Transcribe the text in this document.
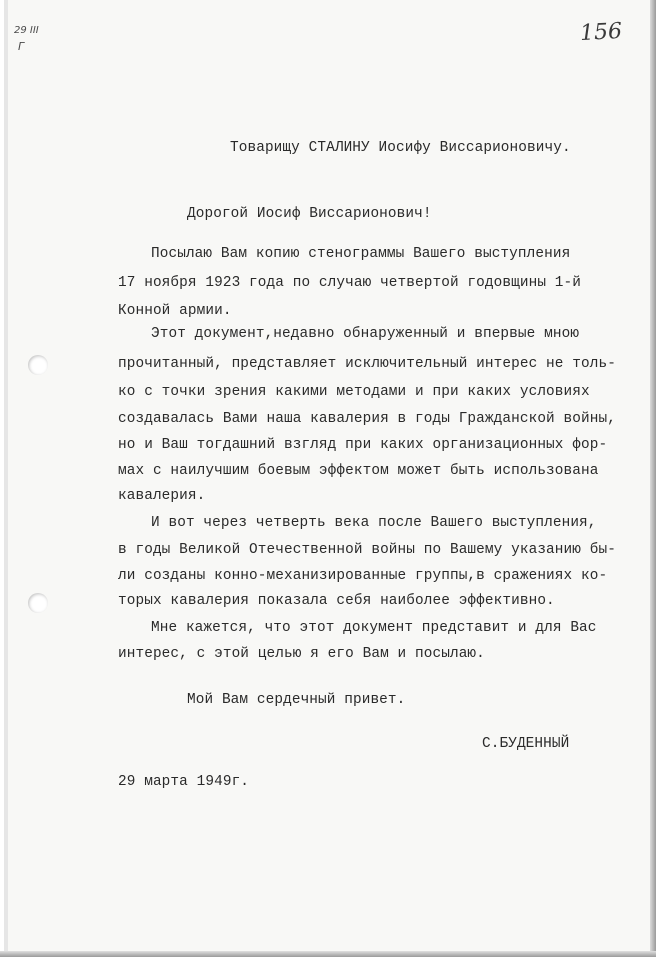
29 III
Г
156
Товарищу СТАЛИНУ Иосифу Виссарионовичу.
Дорогой Иосиф Виссарионович!
Посылаю Вам копию стенограммы Вашего выступления
17 ноября 1923 года по случаю четвертой годовщины 1-й
Конной армии.
Этот документ,недавно обнаруженный и впервые мною
прочитанный, представляет исключительный интерес не толь-
ко с точки зрения какими методами и при каких условиях
создавалась Вами наша кавалерия в годы Гражданской войны,
но и Ваш тогдашний взгляд при каких организационных фор-
мах с наилучшим боевым эффектом может быть использована
кавалерия.
И вот через четверть века после Вашего выступления,
в годы Великой Отечественной войны по Вашему указанию бы-
ли созданы конно-механизированные группы,в сражениях ко-
торых кавалерия показала себя наиболее эффективно.
Мне кажется, что этот документ представит и для Вас
интерес, с этой целью я его Вам и посылаю.
Мой Вам сердечный привет.
С.БУДЕННЫЙ
29 марта 1949г.
